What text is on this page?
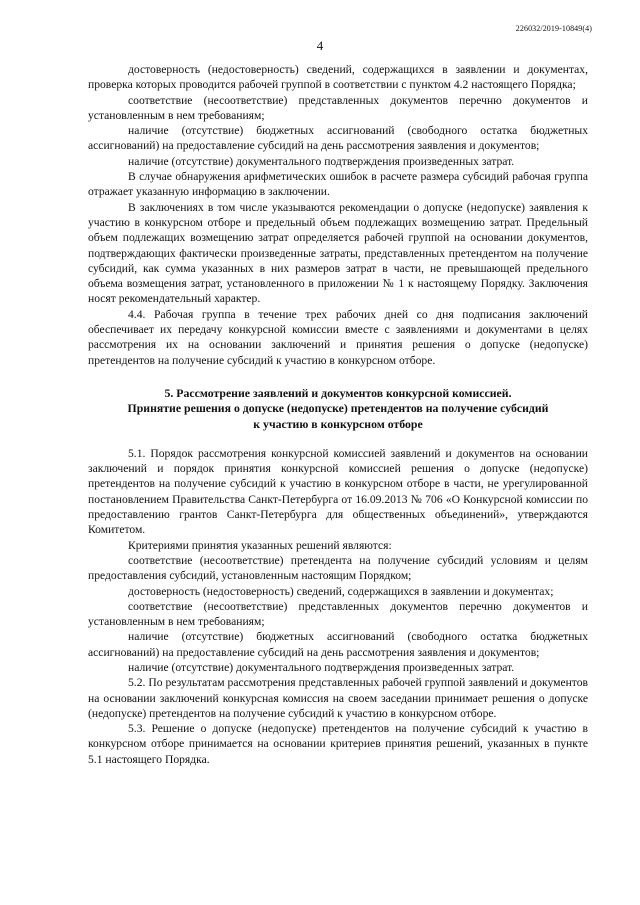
226032/2019-10849(4)
4

достоверность (недостоверность) сведений, содержащихся в заявлении и документах, проверка которых проводится рабочей группой в соответствии с пунктом 4.2 настоящего Порядка;

соответствие (несоответствие) представленных документов перечню документов и установленным в нем требованиям;

наличие (отсутствие) бюджетных ассигнований (свободного остатка бюджетных ассигнований) на предоставление субсидий на день рассмотрения заявления и документов;

наличие (отсутствие) документального подтверждения произведенных затрат.

В случае обнаружения арифметических ошибок в расчете размера субсидий рабочая группа отражает указанную информацию в заключении.

В заключениях в том числе указываются рекомендации о допуске (недопуске) заявления к участию в конкурсном отборе и предельный объем подлежащих возмещению затрат. Предельный объем подлежащих возмещению затрат определяется рабочей группой на основании документов, подтверждающих фактически произведенные затраты, представленных претендентом на получение субсидий, как сумма указанных в них размеров затрат в части, не превышающей предельного объема возмещения затрат, установленного в приложении № 1 к настоящему Порядку. Заключения носят рекомендательный характер.

4.4. Рабочая группа в течение трех рабочих дней со дня подписания заключений обеспечивает их передачу конкурсной комиссии вместе с заявлениями и документами в целях рассмотрения их на основании заключений и принятия решения о допуске (недопуске) претендентов на получение субсидий к участию в конкурсном отборе.

5. Рассмотрение заявлений и документов конкурсной комиссией.
Принятие решения о допуске (недопуске) претендентов на получение субсидий
к участию в конкурсном отборе

5.1. Порядок рассмотрения конкурсной комиссией заявлений и документов на основании заключений и порядок принятия конкурсной комиссией решения о допуске (недопуске) претендентов на получение субсидий к участию в конкурсном отборе в части, не урегулированной постановлением Правительства Санкт-Петербурга от 16.09.2013 № 706 «О Конкурсной комиссии по предоставлению грантов Санкт-Петербурга для общественных объединений», утверждаются Комитетом.

Критериями принятия указанных решений являются:

соответствие (несоответствие) претендента на получение субсидий условиям и целям предоставления субсидий, установленным настоящим Порядком;

достоверность (недостоверность) сведений, содержащихся в заявлении и документах;

соответствие (несоответствие) представленных документов перечню документов и установленным в нем требованиям;

наличие (отсутствие) бюджетных ассигнований (свободного остатка бюджетных ассигнований) на предоставление субсидий на день рассмотрения заявления и документов;

наличие (отсутствие) документального подтверждения произведенных затрат.

5.2. По результатам рассмотрения представленных рабочей группой заявлений и документов на основании заключений конкурсная комиссия на своем заседании принимает решения о допуске (недопуске) претендентов на получение субсидий к участию в конкурсном отборе.

5.3. Решение о допуске (недопуске) претендентов на получение субсидий к участию в конкурсном отборе принимается на основании критериев принятия решений, указанных в пункте 5.1 настоящего Порядка.
